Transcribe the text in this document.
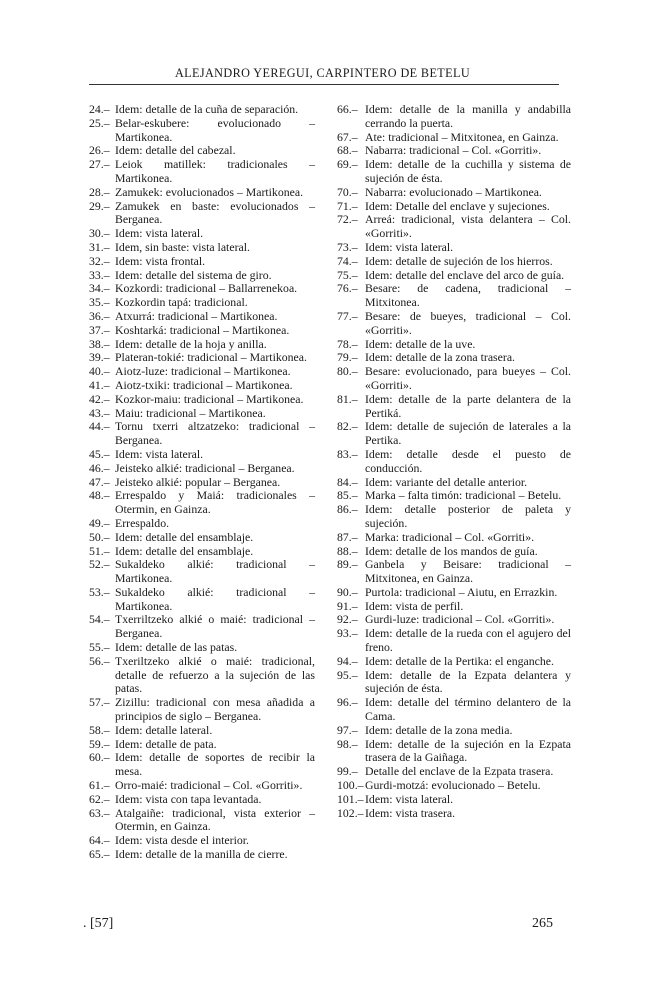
ALEJANDRO YEREGUI, CARPINTERO DE BETELU

24.– Idem: detalle de la cuña de separación.

25.– Belar-eskubere: evolucionado – Martikonea.

26.– Idem: detalle del cabezal.

27.– Leiok matillek: tradicionales – Martikonea.

28.– Zamukek: evolucionados – Martikonea.

29.– Zamukek en baste: evolucionados – Berganea.

30.– Idem: vista lateral.

31.– Idem, sin baste: vista lateral.

32.– Idem: vista frontal.

33.– Idem: detalle del sistema de giro.

34.– Kozkordi: tradicional – Ballarrenekoa.

35.– Kozkordin tapá: tradicional.

36.– Atxurrá: tradicional – Martikonea.

37.– Koshtarká: tradicional – Martikonea.

38.– Idem: detalle de la hoja y anilla.

39.– Plateran-tokié: tradicional – Martikonea.

40.– Aiotz-luze: tradicional – Martikonea.

41.– Aiotz-txiki: tradicional – Martikonea.

42.– Kozkor-maiu: tradicional – Martikonea.

43.– Maiu: tradicional – Martikonea.

44.– Tornu txerri altzatzeko: tradicional – Berganea.

45.– Idem: vista lateral.

46.– Jeisteko alkié: tradicional – Berganea.

47.– Jeisteko alkié: popular – Berganea.

48.– Errespaldo y Maiá: tradicionales – Otermin, en Gainza.

49.– Errespaldo.

50.– Idem: detalle del ensamblaje.

51.– Idem: detalle del ensamblaje.

52.– Sukaldeko alkié: tradicional – Martikonea.

53.– Sukaldeko alkié: tradicional – Martikonea.

54.– Txerriltzeko alkié o maié: tradicional – Berganea.

55.– Idem: detalle de las patas.

56.– Txeriltzeko alkié o maié: tradicional, detalle de refuerzo a la sujeción de las patas.

57.– Zizillu: tradicional con mesa añadida a principios de siglo – Berganea.

58.– Idem: detalle lateral.

59.– Idem: detalle de pata.

60.– Idem: detalle de soportes de recibir la mesa.

61.– Orro-maié: tradicional – Col. «Gorriti».

62.– Idem: vista con tapa levantada.

63.– Atalgaiñe: tradicional, vista exterior – Otermin, en Gainza.

64.– Idem: vista desde el interior.

65.– Idem: detalle de la manilla de cierre.

66.– Idem: detalle de la manilla y andabilla cerrando la puerta.

67.– Ate: tradicional – Mitxitonea, en Gainza.

68.– Nabarra: tradicional – Col. «Gorriti».

69.– Idem: detalle de la cuchilla y sistema de sujeción de ésta.

70.– Nabarra: evolucionado – Martikonea.

71.– Idem: Detalle del enclave y sujeciones.

72.– Arreá: tradicional, vista delantera – Col. «Gorriti».

73.– Idem: vista lateral.

74.– Idem: detalle de sujeción de los hierros.

75.– Idem: detalle del enclave del arco de guía.

76.– Besare: de cadena, tradicional – Mitxitonea.

77.– Besare: de bueyes, tradicional – Col. «Gorriti».

78.– Idem: detalle de la uve.

79.– Idem: detalle de la zona trasera.

80.– Besare: evolucionado, para bueyes – Col. «Gorriti».

81.– Idem: detalle de la parte delantera de la Pertiká.

82.– Idem: detalle de sujeción de laterales a la Pertika.

83.– Idem: detalle desde el puesto de conducción.

84.– Idem: variante del detalle anterior.

85.– Marka – falta timón: tradicional – Betelu.

86.– Idem: detalle posterior de paleta y sujeción.

87.– Marka: tradicional – Col. «Gorriti».

88.– Idem: detalle de los mandos de guía.

89.– Ganbela y Beisare: tradicional – Mitxitonea, en Gainza.

90.– Purtola: tradicional – Aiutu, en Errazkin.

91.– Idem: vista de perfil.

92.– Gurdi-luze: tradicional – Col. «Gorriti».

93.– Idem: detalle de la rueda con el agujero del freno.

94.– Idem: detalle de la Pertika: el enganche.

95.– Idem: detalle de la Ezpata delantera y sujeción de ésta.

96.– Idem: detalle del término delantero de la Cama.

97.– Idem: detalle de la zona media.

98.– Idem: detalle de la sujeción en la Ezpata trasera de la Gaiñaga.

99.– Detalle del enclave de la Ezpata trasera.

100.– Gurdi-motzá: evolucionado – Betelu.

101.– Idem: vista lateral.

102.– Idem: vista trasera.

. [57]	265
